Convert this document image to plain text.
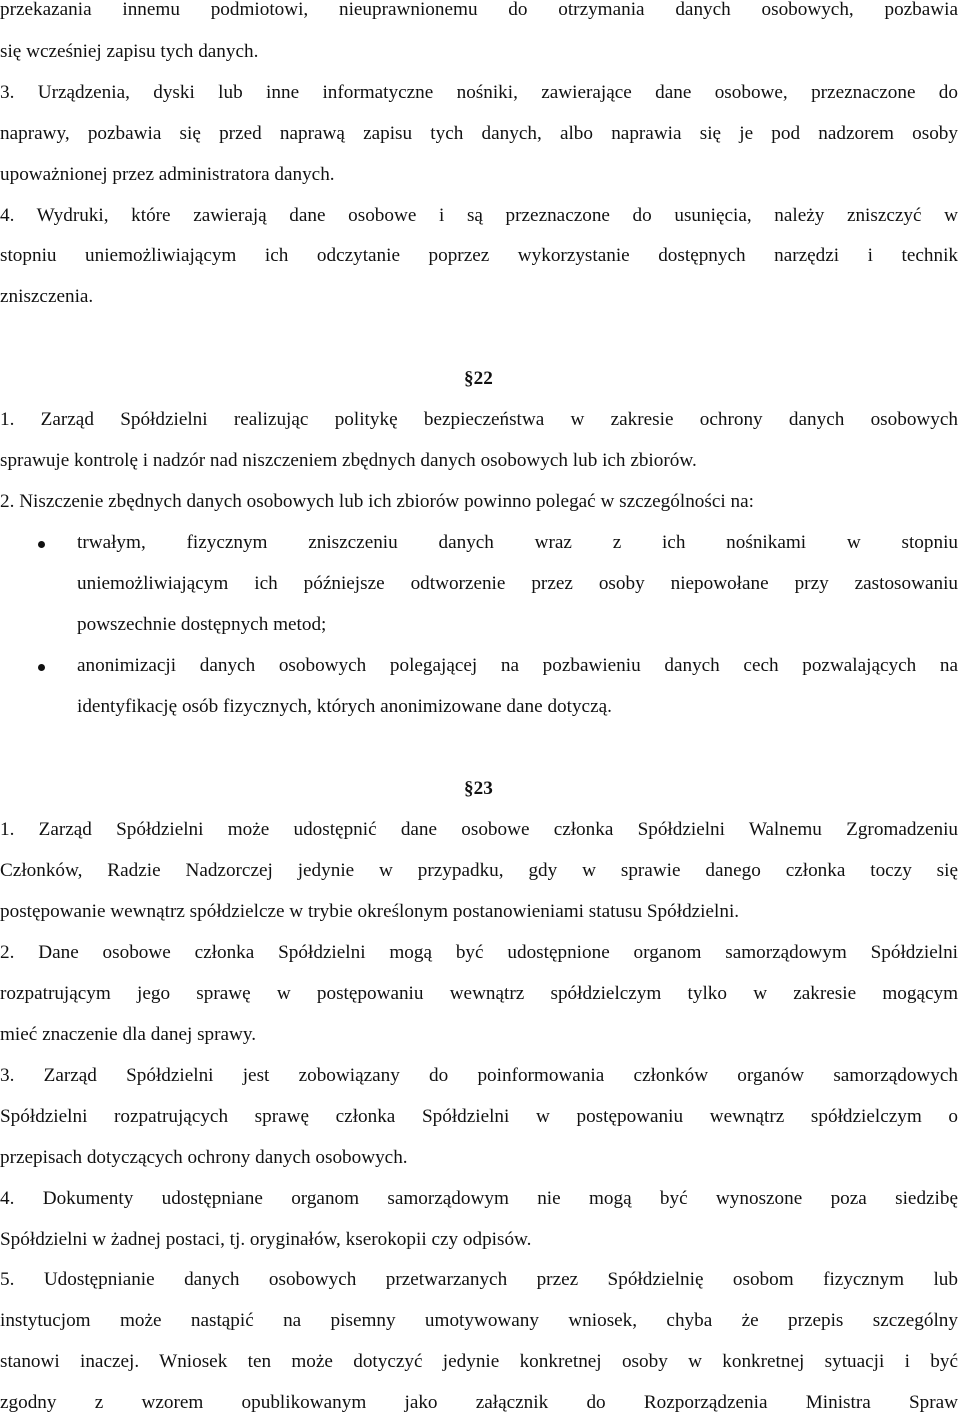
przekazania innemu podmiotowi, nieuprawnionemu do otrzymania danych osobowych, pozbawia
się wcześniej zapisu tych danych.
3. Urządzenia, dyski lub inne informatyczne nośniki, zawierające dane osobowe, przeznaczone do
naprawy, pozbawia się przed naprawą zapisu tych danych, albo naprawia się je pod nadzorem osoby
upoważnionej przez administratora danych.
4. Wydruki, które zawierają dane osobowe i są przeznaczone do usunięcia, należy zniszczyć w
stopniu uniemożliwiającym ich odczytanie poprzez wykorzystanie dostępnych narzędzi i technik
zniszczenia.
§22
1. Zarząd Spółdzielni realizując politykę bezpieczeństwa w zakresie ochrony danych osobowych
sprawuje kontrolę i nadzór nad niszczeniem zbędnych danych osobowych lub ich zbiorów.
2. Niszczenie zbędnych danych osobowych lub ich zbiorów powinno polegać w szczególności na:
trwałym, fizycznym zniszczeniu danych wraz z ich nośnikami w stopniu
uniemożliwiającym ich późniejsze odtworzenie przez osoby niepowołane przy zastosowaniu
powszechnie dostępnych metod;
anonimizacji danych osobowych polegającej na pozbawieniu danych cech pozwalających na
identyfikację osób fizycznych, których anonimizowane dane dotyczą.
§23
1. Zarząd Spółdzielni może udostępnić dane osobowe członka Spółdzielni Walnemu Zgromadzeniu
Członków, Radzie Nadzorczej jedynie w przypadku, gdy w sprawie danego członka toczy się
postępowanie wewnątrz spółdzielcze w trybie określonym postanowieniami statusu Spółdzielni.
2. Dane osobowe członka Spółdzielni mogą być udostępnione organom samorządowym Spółdzielni
rozpatrującym jego sprawę w postępowaniu wewnątrz spółdzielczym tylko w zakresie mogącym
mieć znaczenie dla danej sprawy.
3. Zarząd Spółdzielni jest zobowiązany do poinformowania członków organów samorządowych
Spółdzielni rozpatrujących sprawę członka Spółdzielni w postępowaniu wewnątrz spółdzielczym o
przepisach dotyczących ochrony danych osobowych.
4. Dokumenty udostępniane organom samorządowym nie mogą być wynoszone poza siedzibę
Spółdzielni w żadnej postaci, tj. oryginałów, kserokopii czy odpisów.
5. Udostępnianie danych osobowych przetwarzanych przez Spółdzielnię osobom fizycznym lub
instytucjom może nastąpić na pisemny umotywowany wniosek, chyba że przepis szczególny
stanowi inaczej. Wniosek ten może dotyczyć jedynie konkretnej osoby w konkretnej sytuacji i być
zgodny z wzorem opublikowanym jako załącznik do Rozporządzenia Ministra Spraw
